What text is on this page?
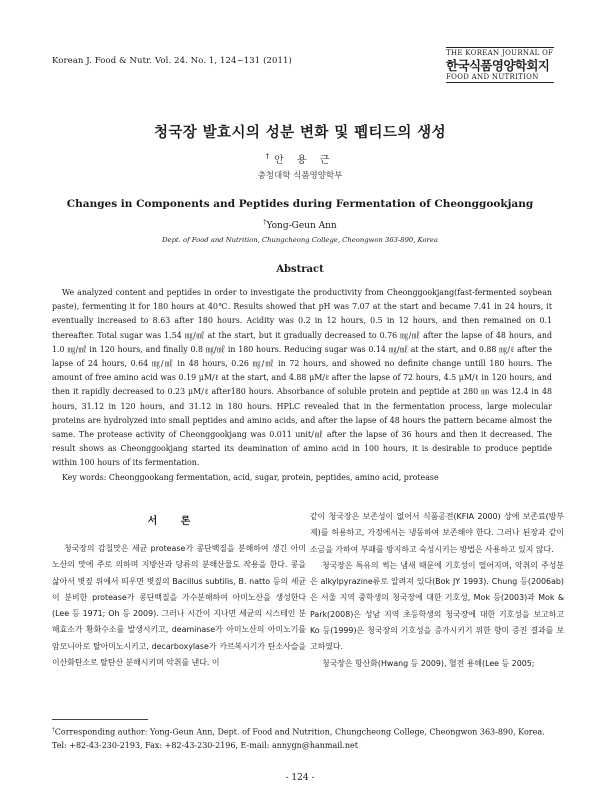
Korean J. Food & Nutr. Vol. 24. No. 1, 124~131 (2011)
THE KOREAN JOURNAL OF
한국식품영양학회지
FOOD AND NUTRITION
청국장 발효시의 성분 변화 및 펩티드의 생성
†안 용 근
충청대학 식품영양학부
Changes in Components and Peptides during Fermentation of Cheonggookjang
†Yong-Geun Ann
Dept. of Food and Nutrition, Chungcheong College, Cheongwon 363-890, Korea
Abstract

We analyzed content and peptides in order to investigate the productivity from Cheonggookjang(fast-fermented soybean paste), fermenting it for 180 hours at 40℃. Results showed that pH was 7.07 at the start and became 7.41 in 24 hours, it eventually increased to 8.63 after 180 hours. Acidity was 0.2 in 12 hours, 0.5 in 12 hours, and then remained on 0.1 thereafter. Total sugar was 1.54 ㎎/㎖ at the start, but it gradually decreased to 0.76 ㎎/㎖ after the lapse of 48 hours, and 1.0 ㎎/㎖ in 120 hours, and finally 0.8 ㎎/㎖ in 180 hours. Reducing sugar was 0.14 ㎎/㎖ at the start, and 0.88 ㎎/ℓ after the lapse of 24 hours, 0.64 ㎎/㎖ in 48 hours, 0.26 ㎎/㎖ in 72 hours, and showed no definite change untill 180 hours. The amount of free amino acid was 0.19 μM/ℓ at the start, and 4.88 μM/ℓ after the lapse of 72 hours, 4.5 μM/ℓ in 120 hours, and then it rapidly decreased to 0.23 μM/ℓ after180 hours. Absorbance of soluble protein and peptide at 280 ㎚ was 12.4 in 48 hours, 31.12 in 120 hours, and 31.12 in 180 hours. HPLC revealed that in the fermentation process, large molecular proteins are hydrolyzed into small peptides and amino acids, and after the lapse of 48 hours the pattern became almost the same. The protease activity of Cheonggookjang was 0.011 unit/㎖ after the lapse of 36 hours and then it decreased. The result shows as Cheonggookjang started its deamination of amino acid in 100 hours, it is desirable to produce peptide within 100 hours of its fermentation.

Key words: Cheonggookang fermentation, acid, sugar, protein, peptides, amino acid, protease

서 론

청국장의 감칠맛은 세균 protease가 콩단백질을 분해하여 생긴 아미노산의 맛에 주로 의하며 지방산과 당류의 분해산물도 작용을 한다. 콩을 삶아서 볏짚 위에서 띄우면 볏짚의 Bacillus subtilis, B. natto 등의 세균이 분비한 protease가 콩단백질을 가수분해하여 아미노산을 생성한다(Lee 등 1971; Oh 등 2009). 그러나 시간이 지나면 세균의 시스테인 분해효소가 황화수소를 발생시키고, deaminase가 아미노산의 아미노기를 암모니아로 탈아미노시키고, decarboxylase가 카르복시기가 탄소사슬을 이산화탄소로 탈탄산 분해시키며 악취를 낸다. 이

같이 청국장은 보존성이 없어서 식품공전(KFIA 2000) 상에 보존료(방부제)를 허용하고, 가정에서는 냉동하여 보존해야 한다. 그러나 된장과 같이 소금을 가하여 부패를 방지하고 숙성시키는 방법은 사용하고 있지 않다.

청국장은 특유의 썩는 냄새 때문에 기호성이 떨어지며, 악취의 주성분은 alkylpyrazine류로 알려져 있다(Bok JY 1993). Chung 등(2006ab)은 서울 지역 중학생의 청국장에 대한 기호성, Mok 등(2003)과 Mok & Park(2008)은 성남 지역 초등학생의 청국장에 대한 기호성을 보고하고 Ko 등(1999)은 청국장의 기호성을 증가시키기 위한 향미 증진 결과를 보고하였다.

청국장은 항산화(Hwang 등 2009), 혈전 용해(Lee 등 2005;

†Corresponding author: Yong-Geun Ann, Dept. of Food and Nutrition, Chungcheong College, Cheongwon 363-890, Korea. Tel: +82-43-230-2193, Fax: +82-43-230-2196, E-mail: annygn@hanmail.net
- 124 -
